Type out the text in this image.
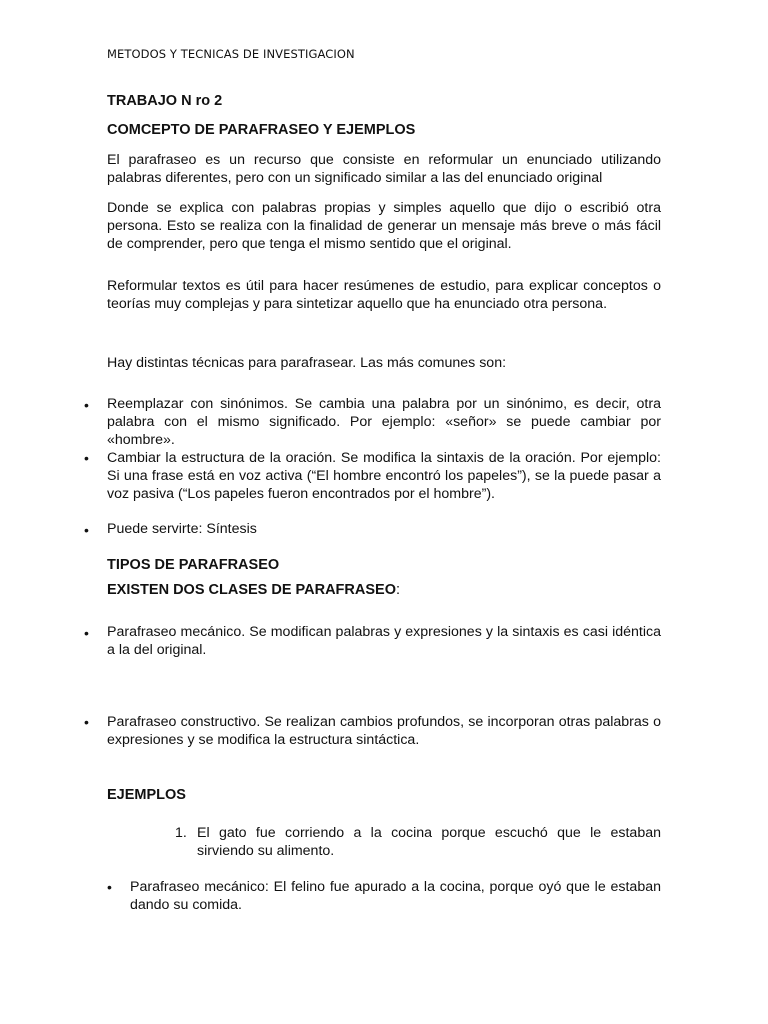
METODOS Y TECNICAS DE INVESTIGACION
TRABAJO N ro 2
COMCEPTO DE PARAFRASEO Y EJEMPLOS

El parafraseo es un recurso que consiste en reformular un enunciado utilizando palabras diferentes, pero con un significado similar a las del enunciado original

Donde se explica con palabras propias y simples aquello que dijo o escribió otra persona. Esto se realiza con la finalidad de generar un mensaje más breve o más fácil de comprender, pero que tenga el mismo sentido que el original.

Reformular textos es útil para hacer resúmenes de estudio, para explicar conceptos o teorías muy complejas y para sintetizar aquello que ha enunciado otra persona.

Hay distintas técnicas para parafrasear. Las más comunes son:

• Reemplazar con sinónimos. Se cambia una palabra por un sinónimo, es decir, otra palabra con el mismo significado. Por ejemplo: «señor» se puede cambiar por «hombre».
• Cambiar la estructura de la oración. Se modifica la sintaxis de la oración. Por ejemplo: Si una frase está en voz activa (“El hombre encontró los papeles”), se la puede pasar a voz pasiva (“Los papeles fueron encontrados por el hombre”).
• Puede servirte: Síntesis
TIPOS DE PARAFRASEO
EXISTEN DOS CLASES DE PARAFRASEO:
• Parafraseo mecánico. Se modifican palabras y expresiones y la sintaxis es casi idéntica a la del original.
• Parafraseo constructivo. Se realizan cambios profundos, se incorporan otras palabras o expresiones y se modifica la estructura sintáctica.
EJEMPLOS
1. El gato fue corriendo a la cocina porque escuchó que le estaban sirviendo su alimento.
• Parafraseo mecánico: El felino fue apurado a la cocina, porque oyó que le estaban dando su comida.
